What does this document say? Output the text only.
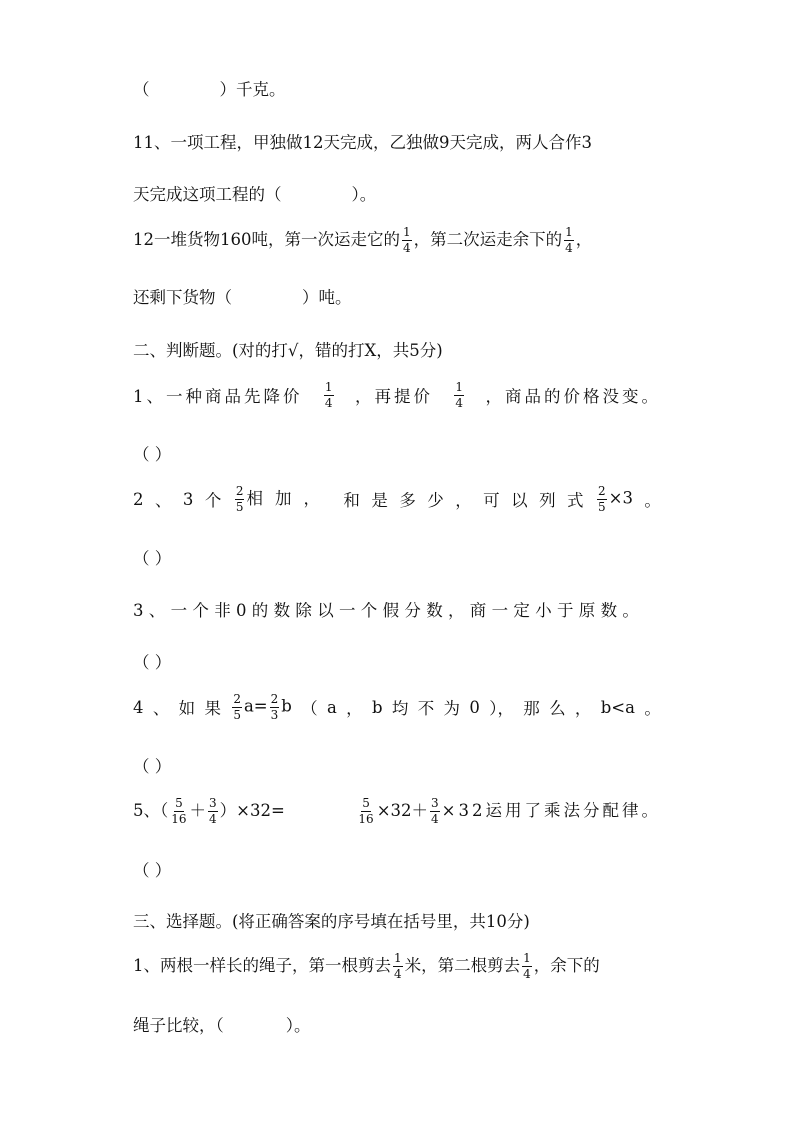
（	）千克。
11、一项工程，甲独做12天完成，乙独做9天完成，两人合作3
天完成这项工程的（	）。
12一堆货物160吨，第一次运走它的 $\frac{1}{4}$ ，第二次运走余下的 $\frac{1}{4}$ ，
还剩下货物（	）吨。
二、判断题。(对的打√，错的打X，共5分)
1、一种商品先降价 $\frac{1}{4}$ ，再提价 $\frac{1}{4}$ ，商品的价格没变。
（ ）
2 、 3 个 $\frac{2}{5}$ 相加， 和 是 多 少 ， 可 以 列 式 $\frac{2}{5} \times 3$ 。
（ ）
3、一个非0的数除以一个假分数，商一定小于原数。
（ ）
4 、 如 果 $\frac{2}{5} a= \frac{2}{3}$ b （ a ， b 均 不 为 0 ）， 那 么 ， b<a 。
（ ）
5、（ $\frac{5}{16} + \frac{3}{4} )\times 32=$	$\frac{5}{16} \times 32+ \frac{3}{4} \times 32$运用了乘法分配律。
（ ）
三、选择题。(将正确答案的序号填在括号里，共10分)
1、两根一样长的绳子，第一根剪去 $\frac{1}{4}$ 米，第二根剪去 $\frac{1}{4}$ ，余下的
绳子比较，（	）。
